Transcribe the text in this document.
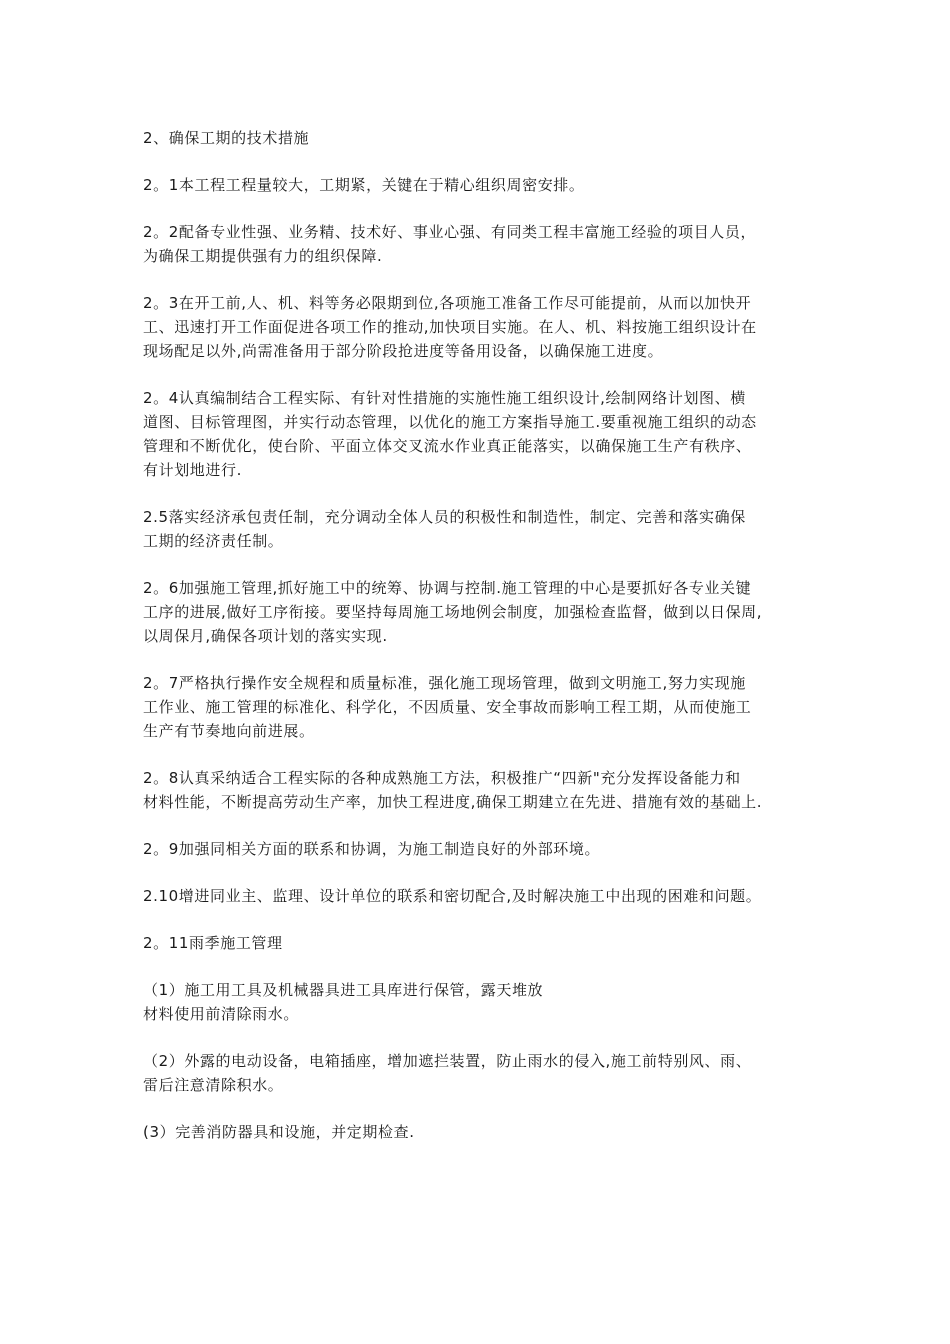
2、确保工期的技术措施
2。1本工程工程量较大，工期紧，关键在于精心组织周密安排。
2。2配备专业性强、业务精、技术好、事业心强、有同类工程丰富施工经验的项目人员，
为确保工期提供强有力的组织保障.
2。3在开工前,人、机、料等务必限期到位,各项施工准备工作尽可能提前，从而以加快开
工、迅速打开工作面促进各项工作的推动,加快项目实施。在人、机、料按施工组织设计在
现场配足以外,尚需准备用于部分阶段抢进度等备用设备，以确保施工进度。
2。4认真编制结合工程实际、有针对性措施的实施性施工组织设计,绘制网络计划图、横
道图、目标管理图，并实行动态管理，以优化的施工方案指导施工.要重视施工组织的动态
管理和不断优化，使台阶、平面立体交叉流水作业真正能落实，以确保施工生产有秩序、
有计划地进行.
2.5落实经济承包责任制，充分调动全体人员的积极性和制造性，制定、完善和落实确保
工期的经济责任制。
2。6加强施工管理,抓好施工中的统筹、协调与控制.施工管理的中心是要抓好各专业关键
工序的进展,做好工序衔接。要坚持每周施工场地例会制度，加强检查监督，做到以日保周,
以周保月,确保各项计划的落实实现.
2。7严格执行操作安全规程和质量标准，强化施工现场管理，做到文明施工,努力实现施
工作业、施工管理的标准化、科学化，不因质量、安全事故而影响工程工期，从而使施工
生产有节奏地向前进展。
2。8认真采纳适合工程实际的各种成熟施工方法，积极推广“四新"充分发挥设备能力和
材料性能，不断提高劳动生产率，加快工程进度,确保工期建立在先进、措施有效的基础上.
2。9加强同相关方面的联系和协调，为施工制造良好的外部环境。
2.10增进同业主、监理、设计单位的联系和密切配合,及时解决施工中出现的困难和问题。
2。11雨季施工管理
（1）施工用工具及机械器具进工具库进行保管，露天堆放
材料使用前清除雨水。
（2）外露的电动设备，电箱插座，增加遮拦装置，防止雨水的侵入,施工前特别风、雨、
雷后注意清除积水。
(3）完善消防器具和设施，并定期检查.
